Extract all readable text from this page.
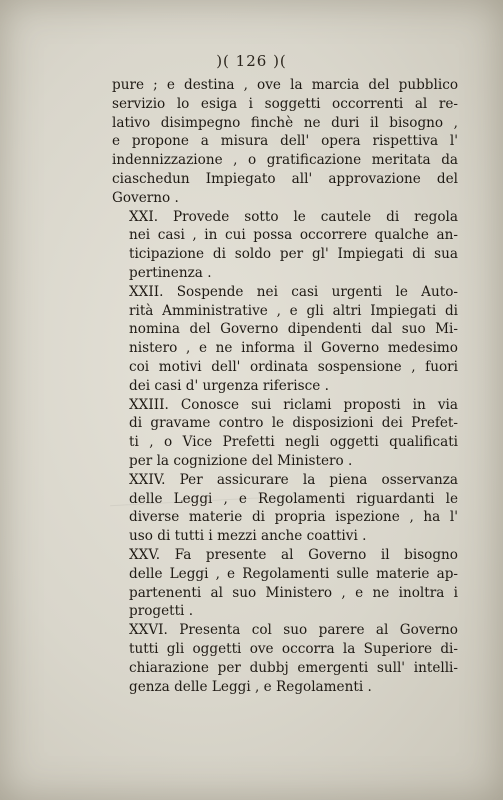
)( 126 )(

pure ; e destina , ove la marcia del pubblico
servizio lo esiga i soggetti occorrenti al re-
lativo disimpegno finchè ne duri il bisogno ,
e propone a misura dell' opera rispettiva l'
indennizzazione , o gratificazione meritata da
ciaschedun Impiegato all' approvazione del
Governo .

XXI. Provede sotto le cautele di regola
nei casi , in cui possa occorrere qualche an-
ticipazione di soldo per gl' Impiegati di sua
pertinenza .

XXII. Sospende nei casi urgenti le Auto-
rità Amministrative , e gli altri Impiegati di
nomina del Governo dipendenti dal suo Mi-
nistero , e ne informa il Governo medesimo
coi motivi dell' ordinata sospensione , fuori
dei casi d' urgenza riferisce .

XXIII. Conosce sui riclami proposti in via
di gravame contro le disposizioni dei Prefet-
ti , o Vice Prefetti negli oggetti qualificati
per la cognizione del Ministero .

XXIV. Per assicurare la piena osservanza
delle Leggi , e Regolamenti riguardanti le
diverse materie di propria ispezione , ha l'
uso di tutti i mezzi anche coattivi .

XXV. Fa presente al Governo il bisogno
delle Leggi , e Regolamenti sulle materie ap-
partenenti al suo Ministero , e ne inoltra i
progetti .

XXVI. Presenta col suo parere al Governo
tutti gli oggetti ove occorra la Superiore di-
chiarazione per dubbj emergenti sull' intelli-
genza delle Leggi , e Regolamenti .
